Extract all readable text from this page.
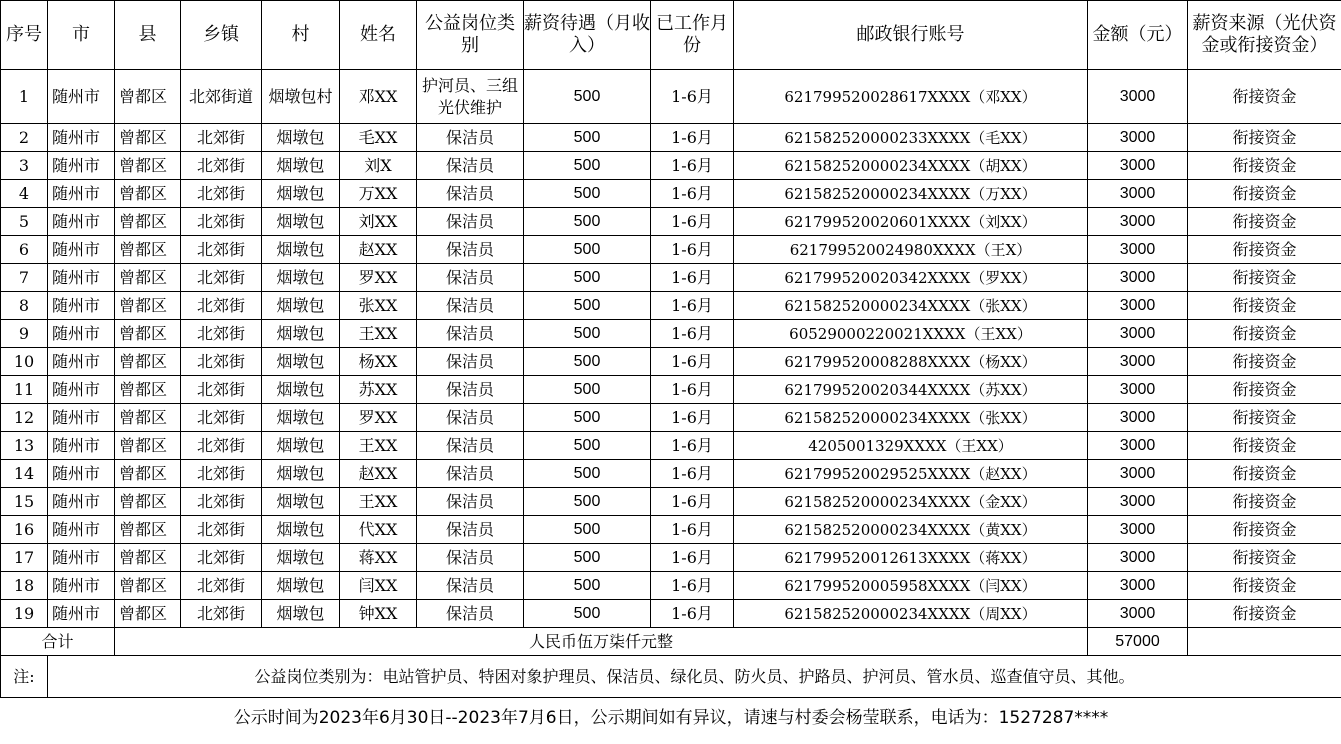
序号	市	县	乡镇	村	姓名	公益岗位类别	薪资待遇（月收入）	已工作月份	邮政银行账号	金额（元）	薪资来源（光伏资金或衔接资金）
1	随州市	曾都区	北郊街道	烟墩包村	邓XX	护河员、三组光伏维护	500	1-6月	621799520028617XXXX（邓XX）	3000	衔接资金
2	随州市	曾都区	北郊街	烟墩包	毛XX	保洁员	500	1-6月	621582520000233XXXX（毛XX）	3000	衔接资金
3	随州市	曾都区	北郊街	烟墩包	刘X	保洁员	500	1-6月	621582520000234XXXX（胡XX）	3000	衔接资金
4	随州市	曾都区	北郊街	烟墩包	万XX	保洁员	500	1-6月	621582520000234XXXX（万XX）	3000	衔接资金
5	随州市	曾都区	北郊街	烟墩包	刘XX	保洁员	500	1-6月	621799520020601XXXX（刘XX）	3000	衔接资金
6	随州市	曾都区	北郊街	烟墩包	赵XX	保洁员	500	1-6月	621799520024980XXXX（王X）	3000	衔接资金
7	随州市	曾都区	北郊街	烟墩包	罗XX	保洁员	500	1-6月	621799520020342XXXX（罗XX）	3000	衔接资金
8	随州市	曾都区	北郊街	烟墩包	张XX	保洁员	500	1-6月	621582520000234XXXX（张XX）	3000	衔接资金
9	随州市	曾都区	北郊街	烟墩包	王XX	保洁员	500	1-6月	60529000220021XXXX（王XX）	3000	衔接资金
10	随州市	曾都区	北郊街	烟墩包	杨XX	保洁员	500	1-6月	621799520008288XXXX（杨XX）	3000	衔接资金
11	随州市	曾都区	北郊街	烟墩包	苏XX	保洁员	500	1-6月	621799520020344XXXX（苏XX）	3000	衔接资金
12	随州市	曾都区	北郊街	烟墩包	罗XX	保洁员	500	1-6月	621582520000234XXXX（张XX）	3000	衔接资金
13	随州市	曾都区	北郊街	烟墩包	王XX	保洁员	500	1-6月	4205001329XXXX（王XX）	3000	衔接资金
14	随州市	曾都区	北郊街	烟墩包	赵XX	保洁员	500	1-6月	621799520029525XXXX（赵XX）	3000	衔接资金
15	随州市	曾都区	北郊街	烟墩包	王XX	保洁员	500	1-6月	621582520000234XXXX（金XX）	3000	衔接资金
16	随州市	曾都区	北郊街	烟墩包	代XX	保洁员	500	1-6月	621582520000234XXXX（黄XX）	3000	衔接资金
17	随州市	曾都区	北郊街	烟墩包	蒋XX	保洁员	500	1-6月	621799520012613XXXX（蒋XX）	3000	衔接资金
18	随州市	曾都区	北郊街	烟墩包	闫XX	保洁员	500	1-6月	621799520005958XXXX（闫XX）	3000	衔接资金
19	随州市	曾都区	北郊街	烟墩包	钟XX	保洁员	500	1-6月	621582520000234XXXX（周XX）	3000	衔接资金
合计		人民币伍万柒仟元整								57000	
注:	公益岗位类别为：电站管护员、特困对象护理员、保洁员、绿化员、防火员、护路员、护河员、管水员、巡查值守员、其他。										
公示时间为2023年6月30日--2023年7月6日，公示期间如有异议，请速与村委会杨莹联系，电话为：1527287****											
